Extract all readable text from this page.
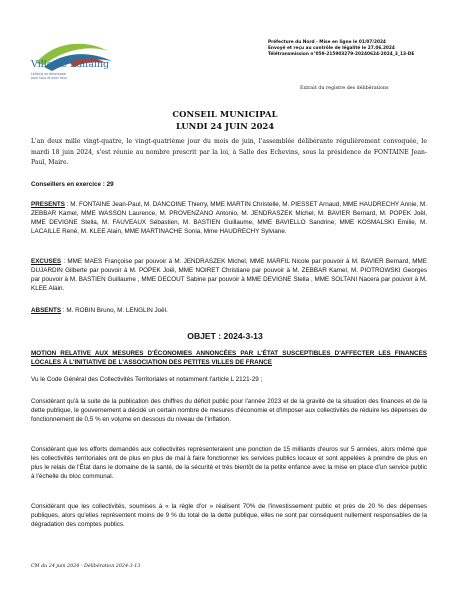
Ville de Lallaing
Lallaing se développe
pour tous et avec tous
Préfecture du Nord - Mise en ligne le 01/07/2024
Envoyé et reçu au contrôle de légalité le 27.06.2024
Télétransmission n°059-215903279-20240624-2024_3_13-DE
Extrait du registre des délibérations
CONSEIL MUNICIPAL
LUNDI 24 JUIN 2024
L'an deux mille vingt-quatre, le vingt-quatrième jour du mois de juin, l'assemblée délibérante régulièrement convoquée, le mardi 18 juin 2024, s'est réunie au nombre prescrit par la loi, à Salle des Echevins, sous la présidence de FONTAINE Jean-Paul, Maire.
Conseillers en exercice : 29
PRESENTS : M. FONTAINE Jean-Paul, M. DANCOINE Thierry, MME MARTIN Christelle, M. PIESSET Arnaud, MME HAUDRECHY Annie, M. ZEBBAR Kamel, MME WASSON Laurence, M. PROVENZANO Antonio, M. JENDRASZEK Michel, M. BAVIER Bernard, M. POPEK Joël, MME DEVIGNE Stella, M. FAUVEAUX Sébastien, M. BASTIEN Guillaume, MME BAVIELLO Sandrine, MME KOSMALSKI Emilie, M. LACAILLE René, M. KLEE Alain, MME MARTINACHE Sonia, Mme HAUDRECHY Sylviane.
EXCUSES : MME MAES Françoise par pouvoir à M. JENDRASZEK Michel, MME MARFIL Nicole par pouvoir à M. BAVIER Bernard, MME DUJARDIN Gilberte par pouvoir à M. POPEK Joël, MME NOIRET Christiane par pouvoir à M. ZEBBAR Kamel, M. PIOTROWSKI Georges par pouvoir à M. BASTIEN Guillaume , MME DECOUT Sabine par pouvoir à MME DEVIGNE Stella , MME SOLTANI Nacera par pouvoir à M. KLEE Alain.
ABSENTS : M. ROBIN Bruno, M. LENGLIN Joël.
OBJET : 2024-3-13
MOTION RELATIVE AUX MESURES D'ÉCONOMIES ANNONCÉES PAR L'ÉTAT SUSCEPTIBLES D'AFFECTER LES FINANCES LOCALES À L'INITIATIVE DE L'ASSOCIATION DES PETITES VILLES DE FRANCE
Vu le Code Général des Collectivités Territoriales et notamment l'article L 2121-29 ;
Considérant qu'à la suite de la publication des chiffres du déficit public pour l'année 2023 et de la gravité de la situation des finances et de la dette publique, le gouvernement a décidé un certain nombre de mesures d'économie et d'imposer aux collectivités de réduire les dépenses de fonctionnement de 0,5 % en volume en dessous du niveau de l'inflation.
Considérant que les efforts demandés aux collectivités représenteraient une ponction de 15 milliards d'euros sur 5 années, alors même que les collectivités territoriales ont de plus en plus de mal à faire fonctionner les services publics locaux et sont appelées à prendre de plus en plus le relais de l'État dans le domaine de la santé, de la sécurité et très bientôt de la petite enfance avec la mise en place d'un service public à l'échelle du bloc communal.
Considérant que les collectivités, soumises à « la règle d'or » réalisent 70% de l'investissement public et près de 20 % des dépenses publiques, alors qu'elles représentent moins de 9 % du total de la dette publique, elles ne sont par conséquent nullement responsables de la dégradation des comptes publics.
CM du 24 juin 2024 - Délibération 2024-3-13
